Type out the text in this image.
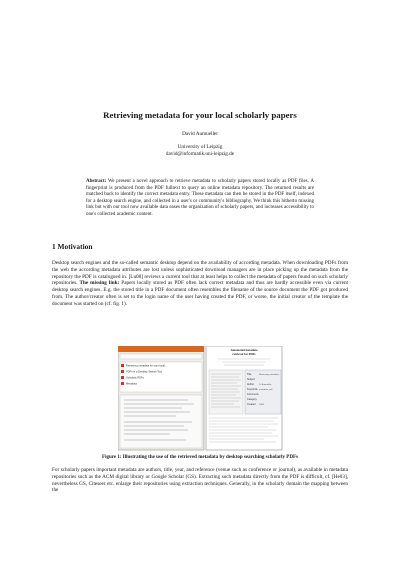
Retrieving metadata for your local scholarly papers
David Aumueller
University of Leipzig
david@informatik.uni-leipzig.de
Abstract: We present a novel approach to retrieve metadata to scholarly papers stored locally as PDF files. A fingerprint is produced from the PDF fulltext to query an online metadata repository. The returned results are matched back to identify the correct metadata entry. These metadata can then be stored in the PDF itself, indexed for a desktop search engine, and collected in a user's or community's bibliography. We think this hitherto missing link but with our tool now available data eases the organization of scholarly papers, and increases accessibility to one's collected academic content.
1 Motivation
Desktop search engines and the so-called semantic desktop depend on the availability of according metadata. When downloading PDFs from the web the according metadata attributes are lost unless sophisticated download managers are in place picking up the metadata from the repository the PDF is catalogued in. [Lu08] reviews a current tool that at least helps to collect the metadata of papers found on such scholarly repositories. The missing link: Papers locally stored as PDF often lack correct metadata and thus are hardly accessible even via current desktop search engines. E.g. the stored title in a PDF document often resembles the filename of the source document the PDF got produced from. The author/creator often is set to the login name of the user having created the PDF, or worse, the initial creator of the template the document was started on (cf. fig. 1).
Retrieving metadata for your local...
PDFs in a Desktop Search Tool
Scholarly PDFs
Metadata
Automated metadata
retrieval for PDFs
Title
Subject
Author
Keywords
Comments
Category
Created
Retrieving metadata...
D. Aumueller
metadata, pdf
2009
Figure 1: Illustrating the use of the retrieved metadata by desktop searching scholarly PDFs
For scholarly papers important metadata are authors, title, year, and reference (venue such as conference or journal), as available in metadata repositories such as the ACM digital library or Google Scholar (GS). Extracting such metadata directly from the PDF is difficult, cf. [He03], nevertheless GS, Citeseer etc. enlarge their repositories using extraction techniques. Generally, in the scholarly domain the mapping between the
